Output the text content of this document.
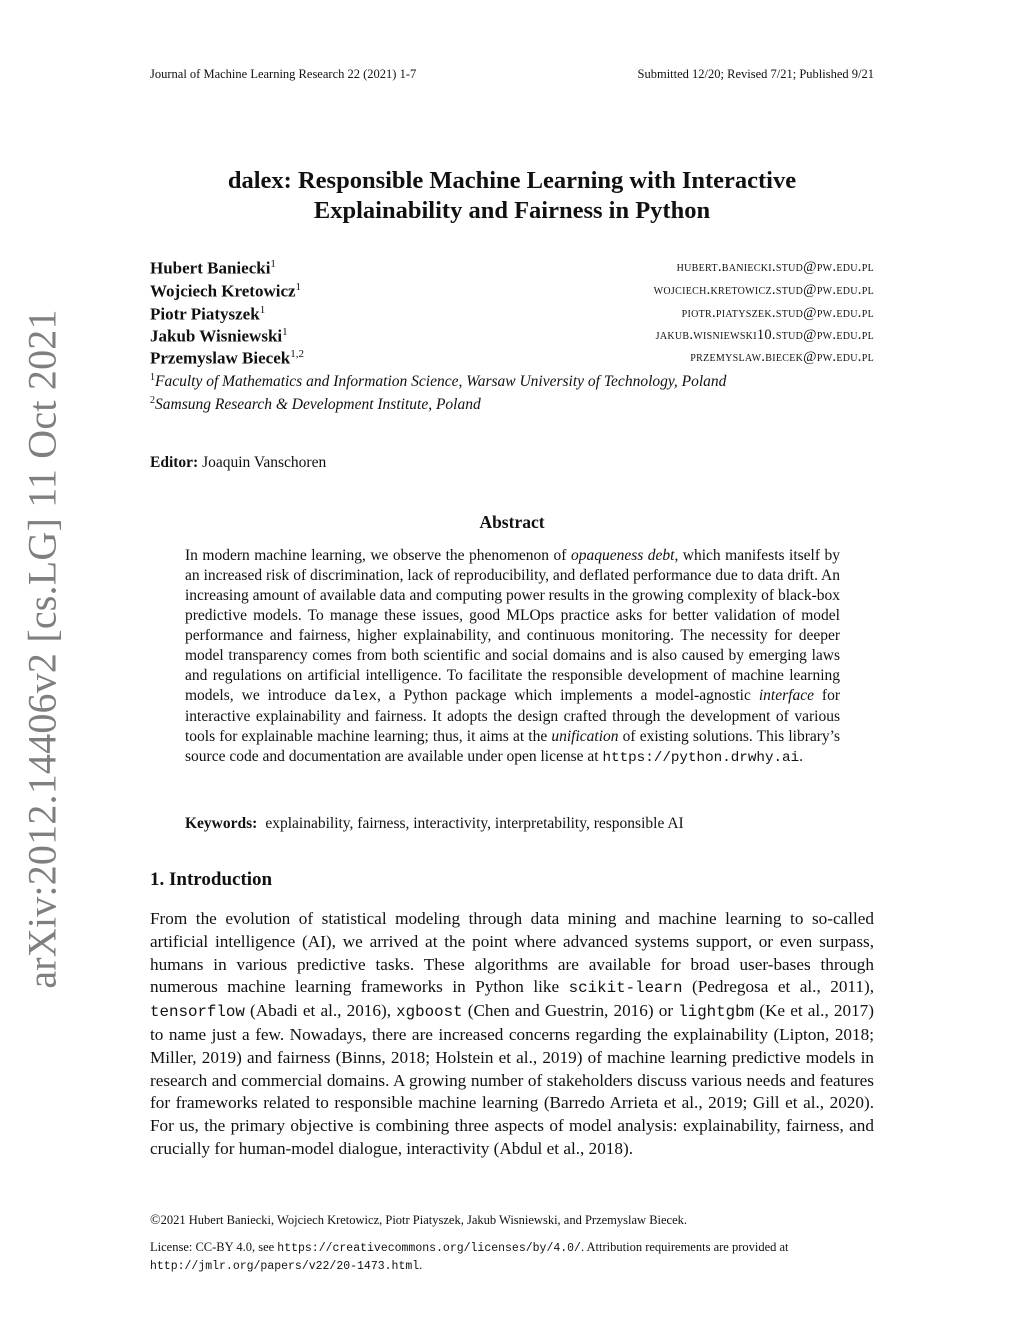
Journal of Machine Learning Research 22 (2021) 1-7	Submitted 12/20; Revised 7/21; Published 9/21
arXiv:2012.14406v2 [cs.LG] 11 Oct 2021
dalex: Responsible Machine Learning with Interactive
Explainability and Fairness in Python
Hubert Baniecki$^1$	hubert.baniecki.stud@pw.edu.pl
Wojciech Kretowicz$^1$	wojciech.kretowicz.stud@pw.edu.pl
Piotr Piatyszek$^1$	piotr.piatyszek.stud@pw.edu.pl
Jakub Wisniewski$^1$	jakub.wisniewski10.stud@pw.edu.pl
Przemyslaw Biecek$^{1,2}$	przemyslaw.biecek@pw.edu.pl
$^1$Faculty of Mathematics and Information Science, Warsaw University of Technology, Poland
$^2$Samsung Research & Development Institute, Poland
Editor: Joaquin Vanschoren
Abstract
In modern machine learning, we observe the phenomenon of opaqueness debt, which manifests itself by an increased risk of discrimination, lack of reproducibility, and deflated performance due to data drift. An increasing amount of available data and computing power results in the growing complexity of black-box predictive models. To manage these issues, good MLOps practice asks for better validation of model performance and fairness, higher explainability, and continuous monitoring. The necessity for deeper model transparency comes from both scientific and social domains and is also caused by emerging laws and regulations on artificial intelligence. To facilitate the responsible development of machine learning models, we introduce dalex, a Python package which implements a model-agnostic interface for interactive explainability and fairness. It adopts the design crafted through the development of various tools for explainable machine learning; thus, it aims at the unification of existing solutions. This library’s source code and documentation are available under open license at https://python.drwhy.ai.
Keywords: explainability, fairness, interactivity, interpretability, responsible AI
1. Introduction
From the evolution of statistical modeling through data mining and machine learning to so-called artificial intelligence (AI), we arrived at the point where advanced systems support, or even surpass, humans in various predictive tasks. These algorithms are available for broad user-bases through numerous machine learning frameworks in Python like scikit-learn (Pedregosa et al., 2011), tensorflow (Abadi et al., 2016), xgboost (Chen and Guestrin, 2016) or lightgbm (Ke et al., 2017) to name just a few. Nowadays, there are increased concerns regarding the explainability (Lipton, 2018; Miller, 2019) and fairness (Binns, 2018; Holstein et al., 2019) of machine learning predictive models in research and commercial domains. A growing number of stakeholders discuss various needs and features for frameworks related to responsible machine learning (Barredo Arrieta et al., 2019; Gill et al., 2020). For us, the primary objective is combining three aspects of model analysis: explainability, fairness, and crucially for human-model dialogue, interactivity (Abdul et al., 2018).
©2021 Hubert Baniecki, Wojciech Kretowicz, Piotr Piatyszek, Jakub Wisniewski, and Przemyslaw Biecek.
License: CC-BY 4.0, see https://creativecommons.org/licenses/by/4.0/. Attribution requirements are provided at http://jmlr.org/papers/v22/20-1473.html.
